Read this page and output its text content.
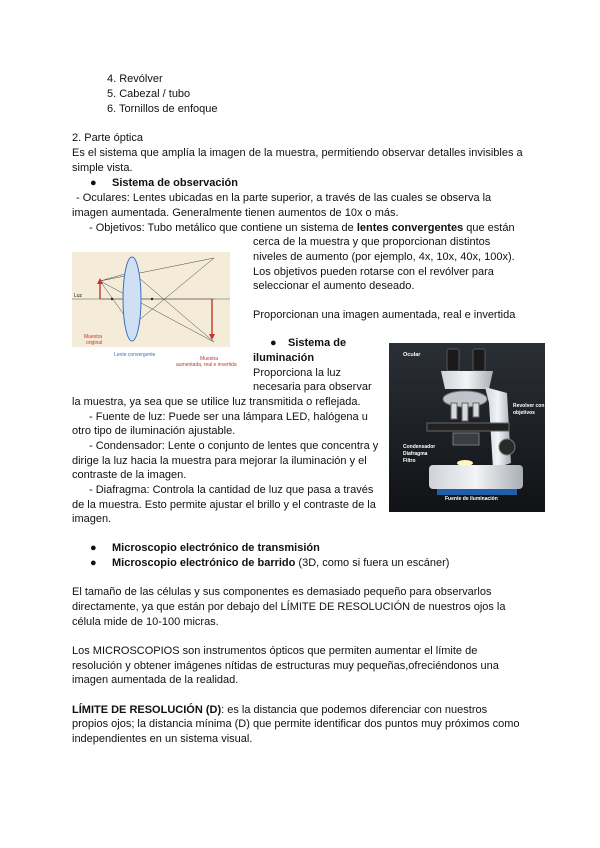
4. Revólver
5. Cabezal / tubo
6. Tornillos de enfoque
2. Parte óptica
Es el sistema que amplía la imagen de la muestra, permitiendo observar detalles invisibles a
simple vista.
● Sistema de observación
- Oculares: Lentes ubicadas en la parte superior, a través de las cuales se observa la
imagen aumentada. Generalmente tienen aumentos de 10x o más.
- Objetivos: Tubo metálico que contiene un sistema de lentes convergentes que están
cerca de la muestra y que proporcionan distintos
niveles de aumento (por ejemplo, 4x, 10x, 40x, 100x).
Los objetivos pueden rotarse con el revólver para
seleccionar el aumento deseado.
Proporcionan una imagen aumentada, real e invertida
Luz
Muestra
original
Lente convergente
Muestra
aumentada, real e invertida
● Sistema de
iluminación
Proporciona la luz
necesaria para observar
la muestra, ya sea que se utilice luz transmitida o reflejada.
- Fuente de luz: Puede ser una lámpara LED, halógena u
otro tipo de iluminación ajustable.
- Condensador: Lente o conjunto de lentes que concentra y
dirige la luz hacia la muestra para mejorar la iluminación y el
contraste de la imagen.
- Diafragma: Controla la cantidad de luz que pasa a través
de la muestra. Esto permite ajustar el brillo y el contraste de la
imagen.
Ocular
Revolver con
objetivos
Condensador
Diafragma
Filtro
Fuente de iluminación
● Microscopio electrónico de transmisión
● Microscopio electrónico de barrido (3D, como si fuera un escáner)
El tamaño de las células y sus componentes es demasiado pequeño para observarlos
directamente, ya que están por debajo del LÍMITE DE RESOLUCIÓN de nuestros ojos la
célula mide de 10-100 micras.
Los MICROSCOPIOS son instrumentos ópticos que permiten aumentar el límite de
resolución y obtener imágenes nítidas de estructuras muy pequeñas,ofreciéndonos una
imagen aumentada de la realidad.
LÍMITE DE RESOLUCIÓN (D): es la distancia que podemos diferenciar con nuestros
propios ojos; la distancia mínima (D) que permite identificar dos puntos muy próximos como
independientes en un sistema visual.
